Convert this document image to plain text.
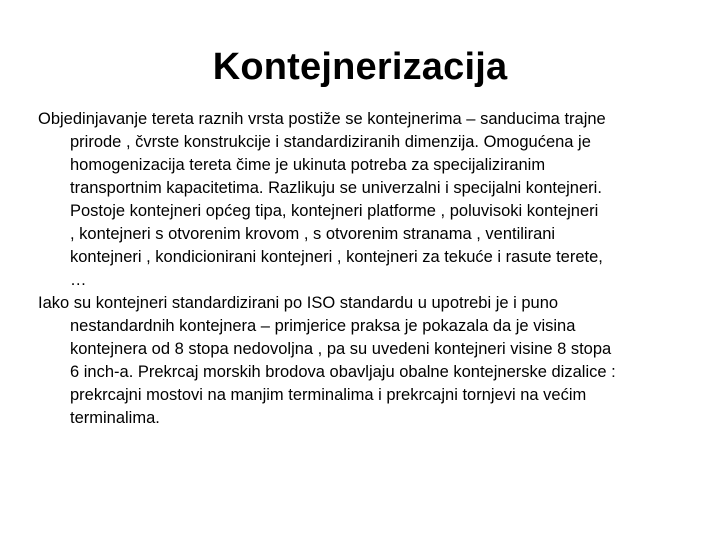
Kontejnerizacija

Objedinjavanje tereta raznih vrsta postiže se kontejnerima – sanducima trajne
prirode , čvrste konstrukcije i standardiziranih dimenzija. Omogućena je
homogenizacija tereta čime je ukinuta potreba za specijaliziranim
transportnim kapacitetima. Razlikuju se univerzalni i specijalni kontejneri.
Postoje kontejneri općeg tipa, kontejneri platforme , poluvisoki kontejneri
, kontejneri s otvorenim krovom , s otvorenim stranama , ventilirani
kontejneri , kondicionirani kontejneri , kontejneri za tekuće i rasute terete,
…

Iako su kontejneri standardizirani po ISO standardu u upotrebi je i puno
nestandardnih kontejnera – primjerice praksa je pokazala da je visina
kontejnera od 8 stopa nedovoljna , pa su uvedeni kontejneri visine 8 stopa
6 inch-a. Prekrcaj morskih brodova obavljaju obalne kontejnerske dizalice :
prekrcajni mostovi na manjim terminalima i prekrcajni tornjevi na većim
terminalima.
